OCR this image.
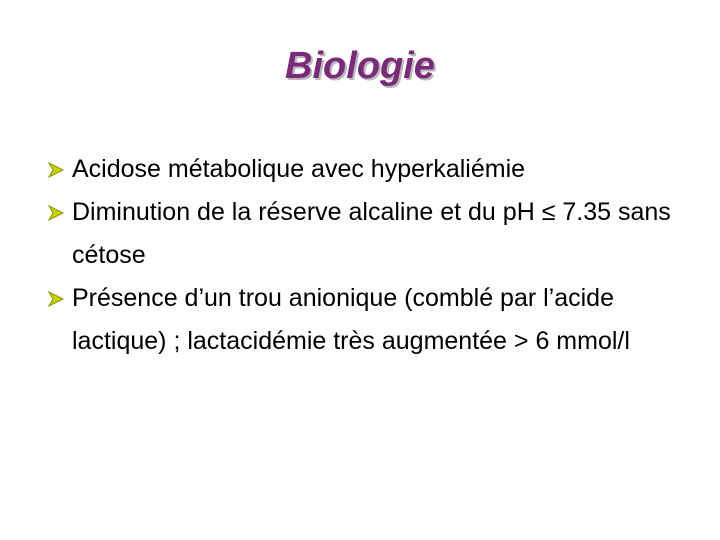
Biologie
Acidose métabolique avec hyperkaliémie
Diminution de la réserve alcaline et du pH ≤ 7.35 sans cétose
Présence d’un trou anionique (comblé par l’acide lactique) ; lactacidémie très augmentée > 6 mmol/l
